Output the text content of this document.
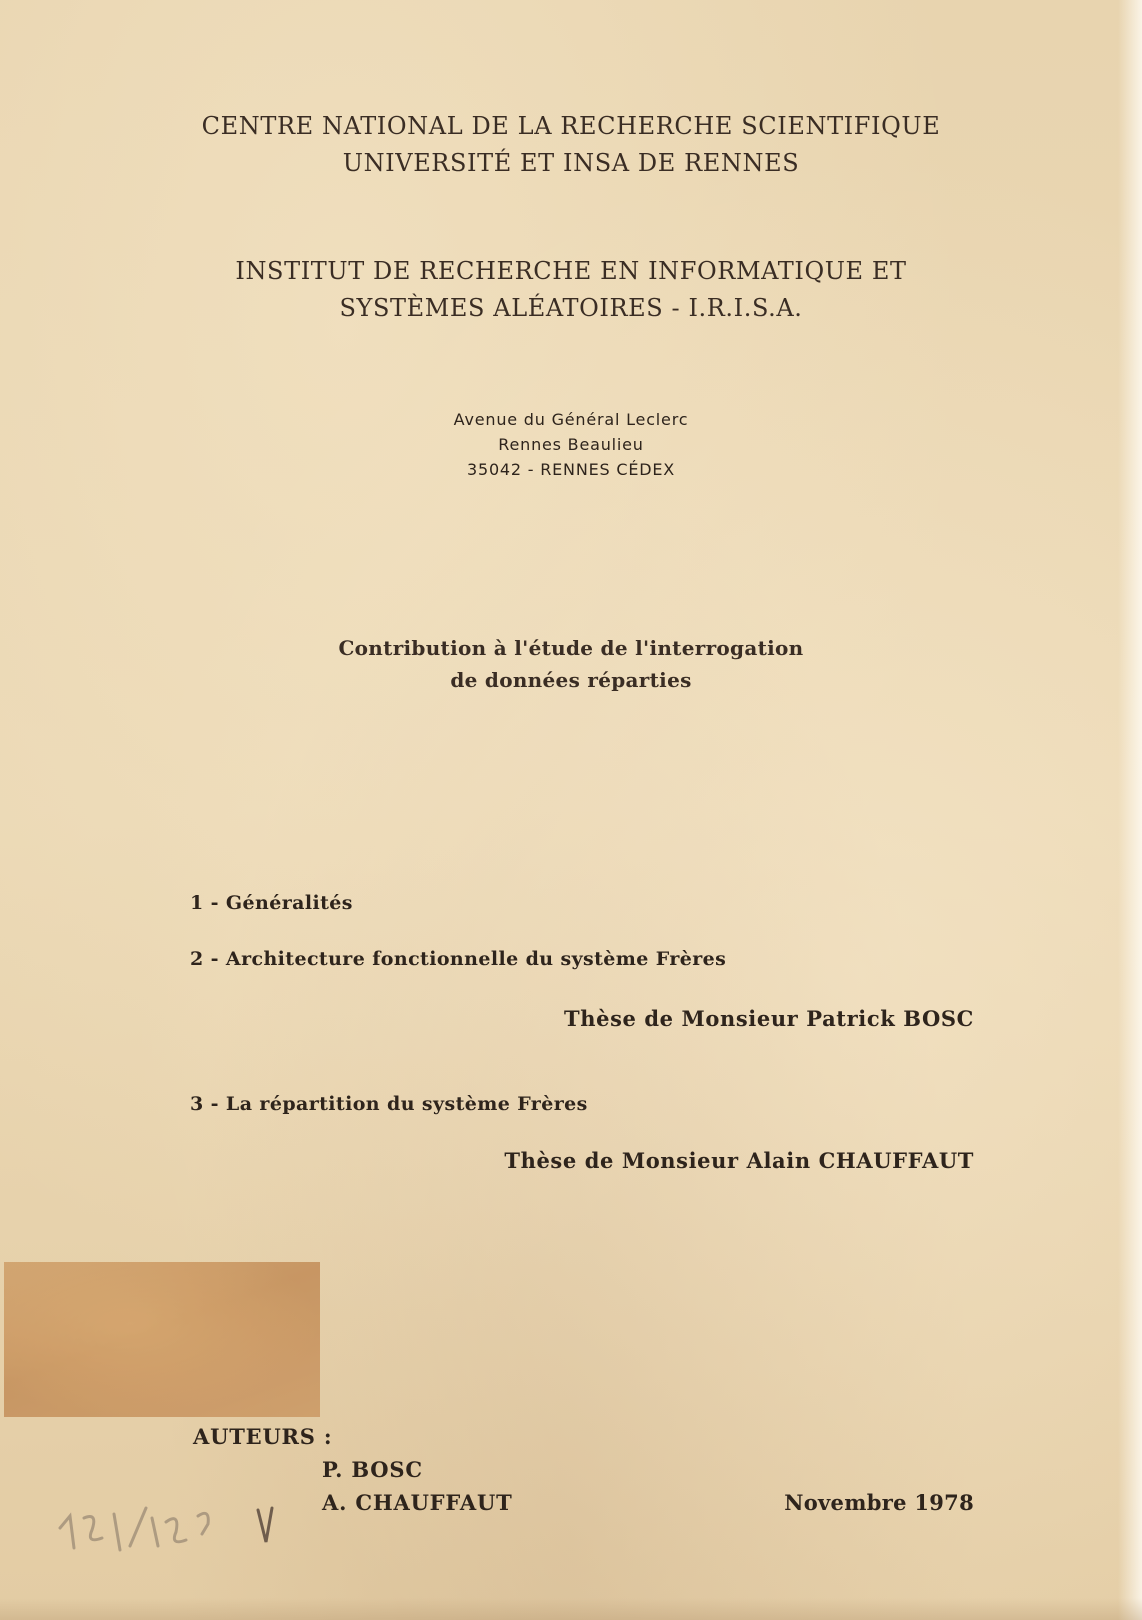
CENTRE NATIONAL DE LA RECHERCHE SCIENTIFIQUE
UNIVERSITÉ ET INSA DE RENNES
INSTITUT DE RECHERCHE EN INFORMATIQUE ET
SYSTÈMES ALÉATOIRES - I.R.I.S.A.
Avenue du Général Leclerc
Rennes Beaulieu
35042 - RENNES CÉDEX
Contribution à l'étude de l'interrogation
de données réparties
1 - Généralités
2 - Architecture fonctionnelle du système Frères
Thèse de Monsieur Patrick BOSC
3 - La répartition du système Frères
Thèse de Monsieur Alain CHAUFFAUT
AUTEURS :
P. BOSC
A. CHAUFFAUT	Novembre 1978
